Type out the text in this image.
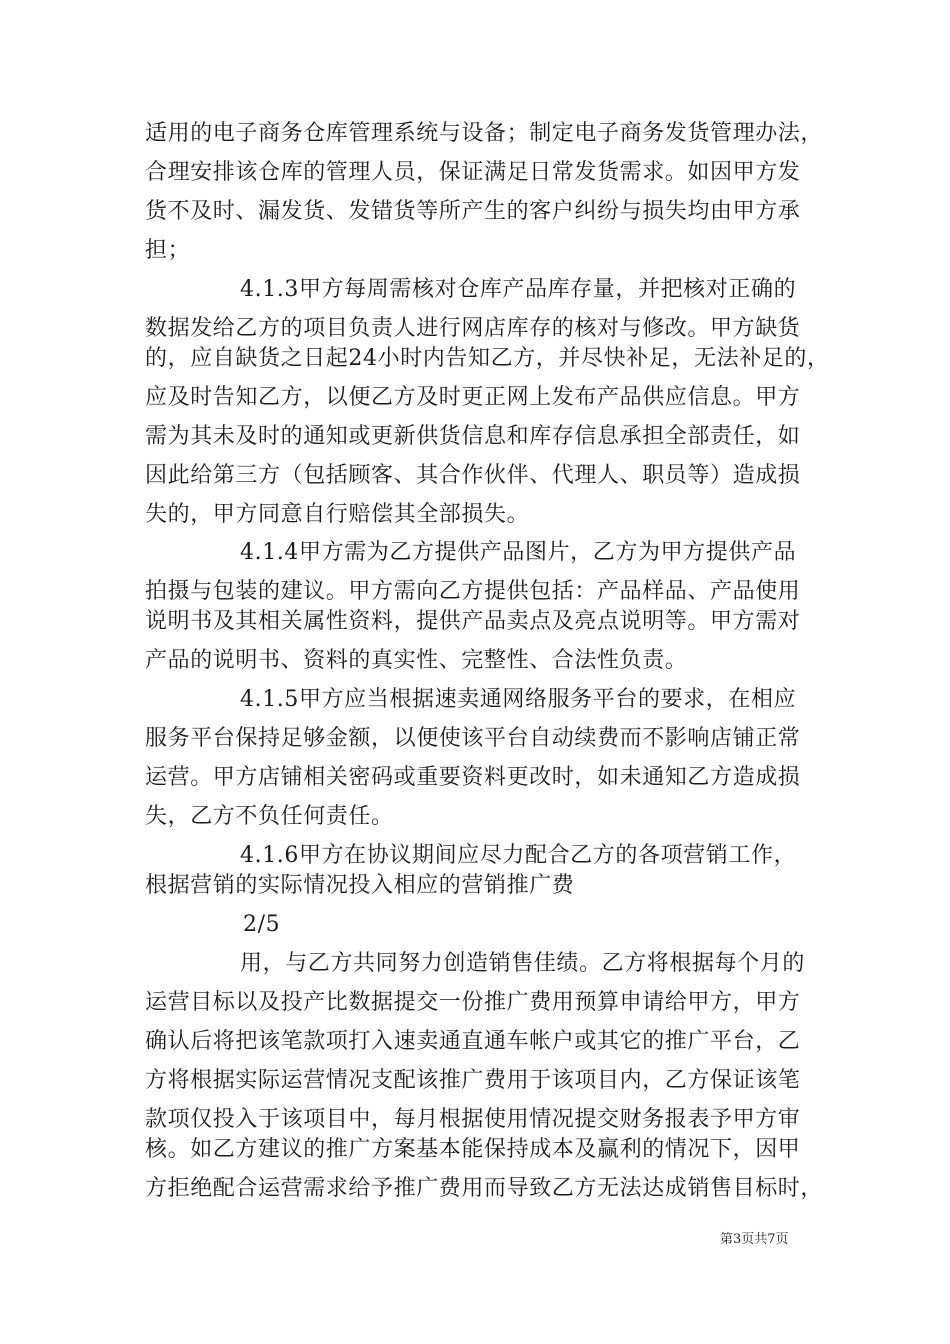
适用的电子商务仓库管理系统与设备；制定电子商务发货管理办法，
合理安排该仓库的管理人员，保证满足日常发货需求。如因甲方发
货不及时、漏发货、发错货等所产生的客户纠纷与损失均由甲方承
担；
4.1.3甲方每周需核对仓库产品库存量，并把核对正确的
数据发给乙方的项目负责人进行网店库存的核对与修改。甲方缺货
的，应自缺货之日起24小时内告知乙方，并尽快补足，无法补足的，
应及时告知乙方，以便乙方及时更正网上发布产品供应信息。甲方
需为其未及时的通知或更新供货信息和库存信息承担全部责任，如
因此给第三方（包括顾客、其合作伙伴、代理人、职员等）造成损
失的，甲方同意自行赔偿其全部损失。
4.1.4甲方需为乙方提供产品图片，乙方为甲方提供产品
拍摄与包装的建议。甲方需向乙方提供包括：产品样品、产品使用
说明书及其相关属性资料，提供产品卖点及亮点说明等。甲方需对
产品的说明书、资料的真实性、完整性、合法性负责。
4.1.5甲方应当根据速卖通网络服务平台的要求，在相应
服务平台保持足够金额，以便使该平台自动续费而不影响店铺正常
运营。甲方店铺相关密码或重要资料更改时，如未通知乙方造成损
失，乙方不负任何责任。
4.1.6甲方在协议期间应尽力配合乙方的各项营销工作，
根据营销的实际情况投入相应的营销推广费
2/5
用，与乙方共同努力创造销售佳绩。乙方将根据每个月的
运营目标以及投产比数据提交一份推广费用预算申请给甲方，甲方
确认后将把该笔款项打入速卖通直通车帐户或其它的推广平台，乙
方将根据实际运营情况支配该推广费用于该项目内，乙方保证该笔
款项仅投入于该项目中，每月根据使用情况提交财务报表予甲方审
核。如乙方建议的推广方案基本能保持成本及赢利的情况下，因甲
方拒绝配合运营需求给予推广费用而导致乙方无法达成销售目标时，
第3页共7页
